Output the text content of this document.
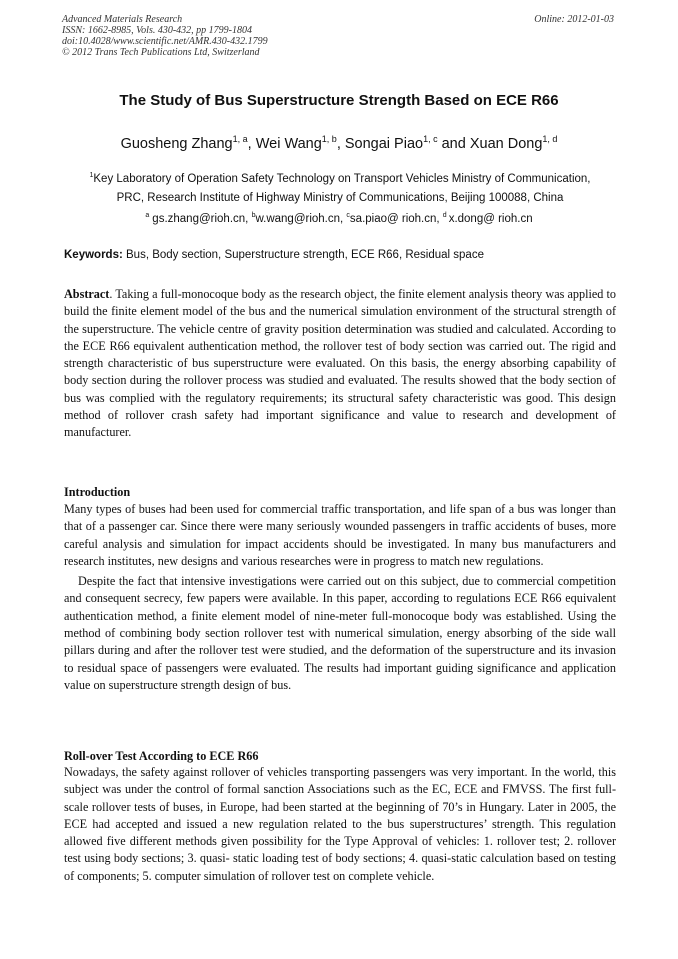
Advanced Materials Research
ISSN: 1662-8985, Vols. 430-432, pp 1799-1804
doi:10.4028/www.scientific.net/AMR.430-432.1799
© 2012 Trans Tech Publications Ltd, Switzerland
Online: 2012-01-03
The Study of Bus Superstructure Strength Based on ECE R66
Guosheng Zhang$^{1, a}$, Wei Wang$^{1, b}$, Songai Piao$^{1, c}$ and Xuan Dong$^{1, d}$
$^1$Key Laboratory of Operation Safety Technology on Transport Vehicles Ministry of Communication,
PRC, Research Institute of Highway Ministry of Communications, Beijing 100088, China
$^a$ gs.zhang@rioh.cn, $^b$w.wang@rioh.cn, $^c$sa.piao@ rioh.cn, $^d$ x.dong@ rioh.cn
Keywords: Bus, Body section, Superstructure strength, ECE R66, Residual space

Abstract. Taking a full-monocoque body as the research object, the finite element analysis theory was applied to build the finite element model of the bus and the numerical simulation environment of the structural strength of the superstructure. The vehicle centre of gravity position determination was studied and calculated. According to the ECE R66 equivalent authentication method, the rollover test of body section was carried out. The rigid and strength characteristic of bus superstructure were evaluated. On this basis, the energy absorbing capability of body section during the rollover process was studied and evaluated. The results showed that the body section of bus was complied with the regulatory requirements; its structural safety characteristic was good. This design method of rollover crash safety had important significance and value to research and development of manufacturer.

Introduction

Many types of buses had been used for commercial traffic transportation, and life span of a bus was longer than that of a passenger car. Since there were many seriously wounded passengers in traffic accidents of buses, more careful analysis and simulation for impact accidents should be investigated. In many bus manufacturers and research institutes, new designs and various researches were in progress to match new regulations.

Despite the fact that intensive investigations were carried out on this subject, due to commercial competition and consequent secrecy, few papers were available. In this paper, according to regulations ECE R66 equivalent authentication method, a finite element model of nine-meter full-monocoque body was established. Using the method of combining body section rollover test with numerical simulation, energy absorbing of the side wall pillars during and after the rollover test were studied, and the deformation of the superstructure and its invasion to residual space of passengers were evaluated. The results had important guiding significance and application value on superstructure strength design of bus.

Roll-over Test According to ECE R66

Nowadays, the safety against rollover of vehicles transporting passengers was very important. In the world, this subject was under the control of formal sanction Associations such as the EC, ECE and FMVSS. The first full-scale rollover tests of buses, in Europe, had been started at the beginning of 70’s in Hungary. Later in 2005, the ECE had accepted and issued a new regulation related to the bus superstructures’ strength. This regulation allowed five different methods given possibility for the Type Approval of vehicles: 1. rollover test; 2. rollover test using body sections; 3. quasi- static loading test of body sections; 4. quasi-static calculation based on testing of components; 5. computer simulation of rollover test on complete vehicle.
